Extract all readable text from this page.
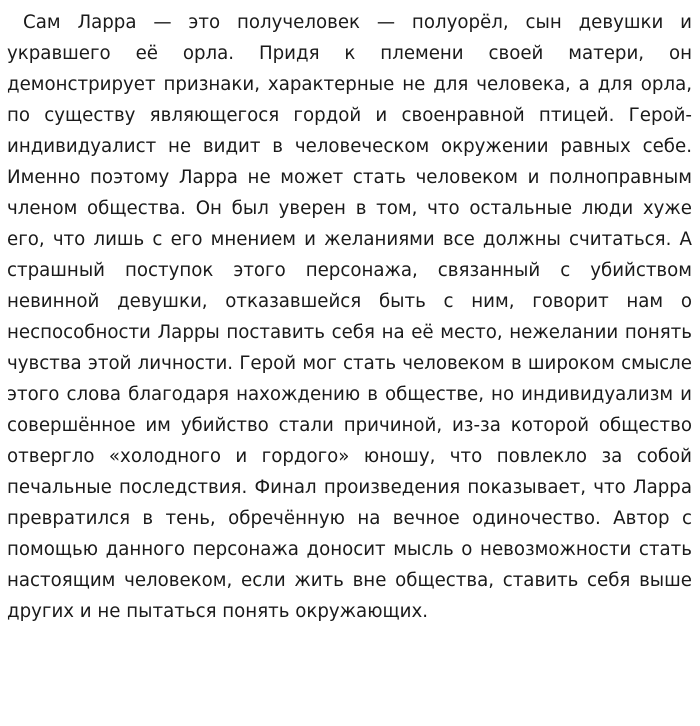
Сам Ларра — это получеловек — полуорёл, сын девушки и укравшего её орла. Придя к племени своей матери, он демонстрирует признаки, характерные не для человека, а для орла, по существу являющегося гордой и своенравной птицей. Герой-индивидуалист не видит в человеческом окружении равных себе. Именно поэтому Ларра не может стать человеком и полноправным членом общества. Он был уверен в том, что остальные люди хуже его, что лишь с его мнением и желаниями все должны считаться. А страшный поступок этого персонажа, связанный с убийством невинной девушки, отказавшейся быть с ним, говорит нам о неспособности Ларры поставить себя на её место, нежелании понять чувства этой личности. Герой мог стать человеком в широком смысле этого слова благодаря нахождению в обществе, но индивидуализм и совершённое им убийство стали причиной, из-за которой общество отвергло «холодного и гордого» юношу, что повлекло за собой печальные последствия. Финал произведения показывает, что Ларра превратился в тень, обречённую на вечное одиночество. Автор с помощью данного персонажа доносит мысль о невозможности стать настоящим человеком, если жить вне общества, ставить себя выше других и не пытаться понять окружающих.
